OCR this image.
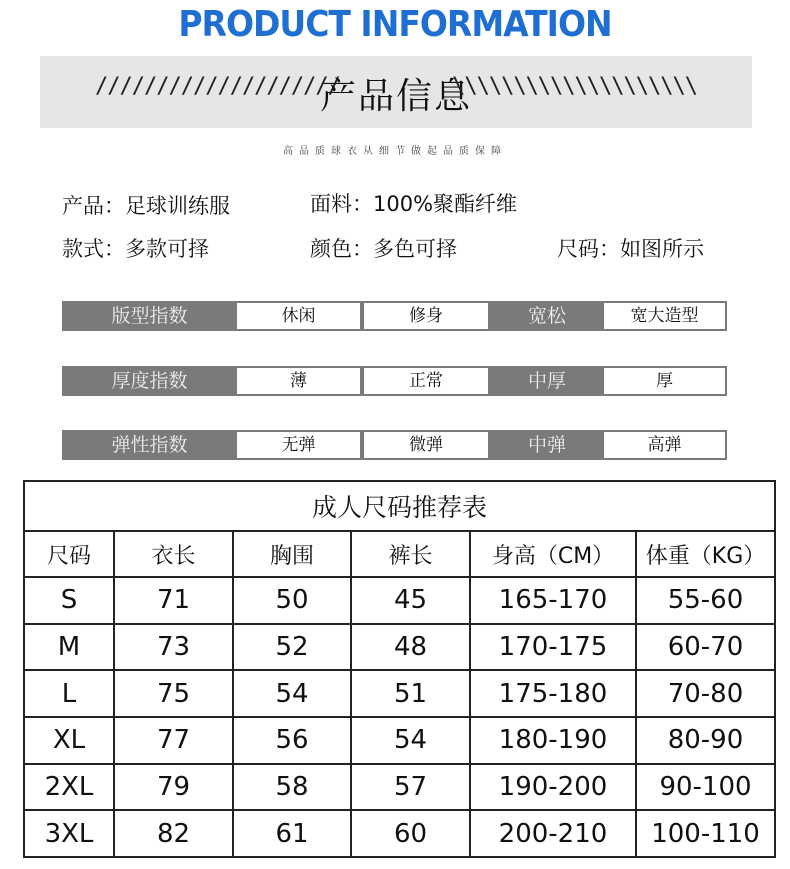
PRODUCT INFORMATION
////////////////////
产品信息
\\\\\\\\\\\\\\\\\\\\
高品质球衣从细节做起品质保障
产品：足球训练服	面料：100%聚酯纤维
款式：多款可择	颜色：多色可择	尺码：如图所示
版型指数	休闲	修身	宽松	宽大造型
厚度指数	薄	正常	中厚	厚
弹性指数	无弹	微弹	中弹	高弹
成人尺码推荐表					
尺码	衣长	胸围	裤长	身高（CM）	体重（KG）
S	71	50	45	165-170	55-60
M	73	52	48	170-175	60-70
L	75	54	51	175-180	70-80
XL	77	56	54	180-190	80-90
2XL	79	58	57	190-200	90-100
3XL	82	61	60	200-210	100-110
